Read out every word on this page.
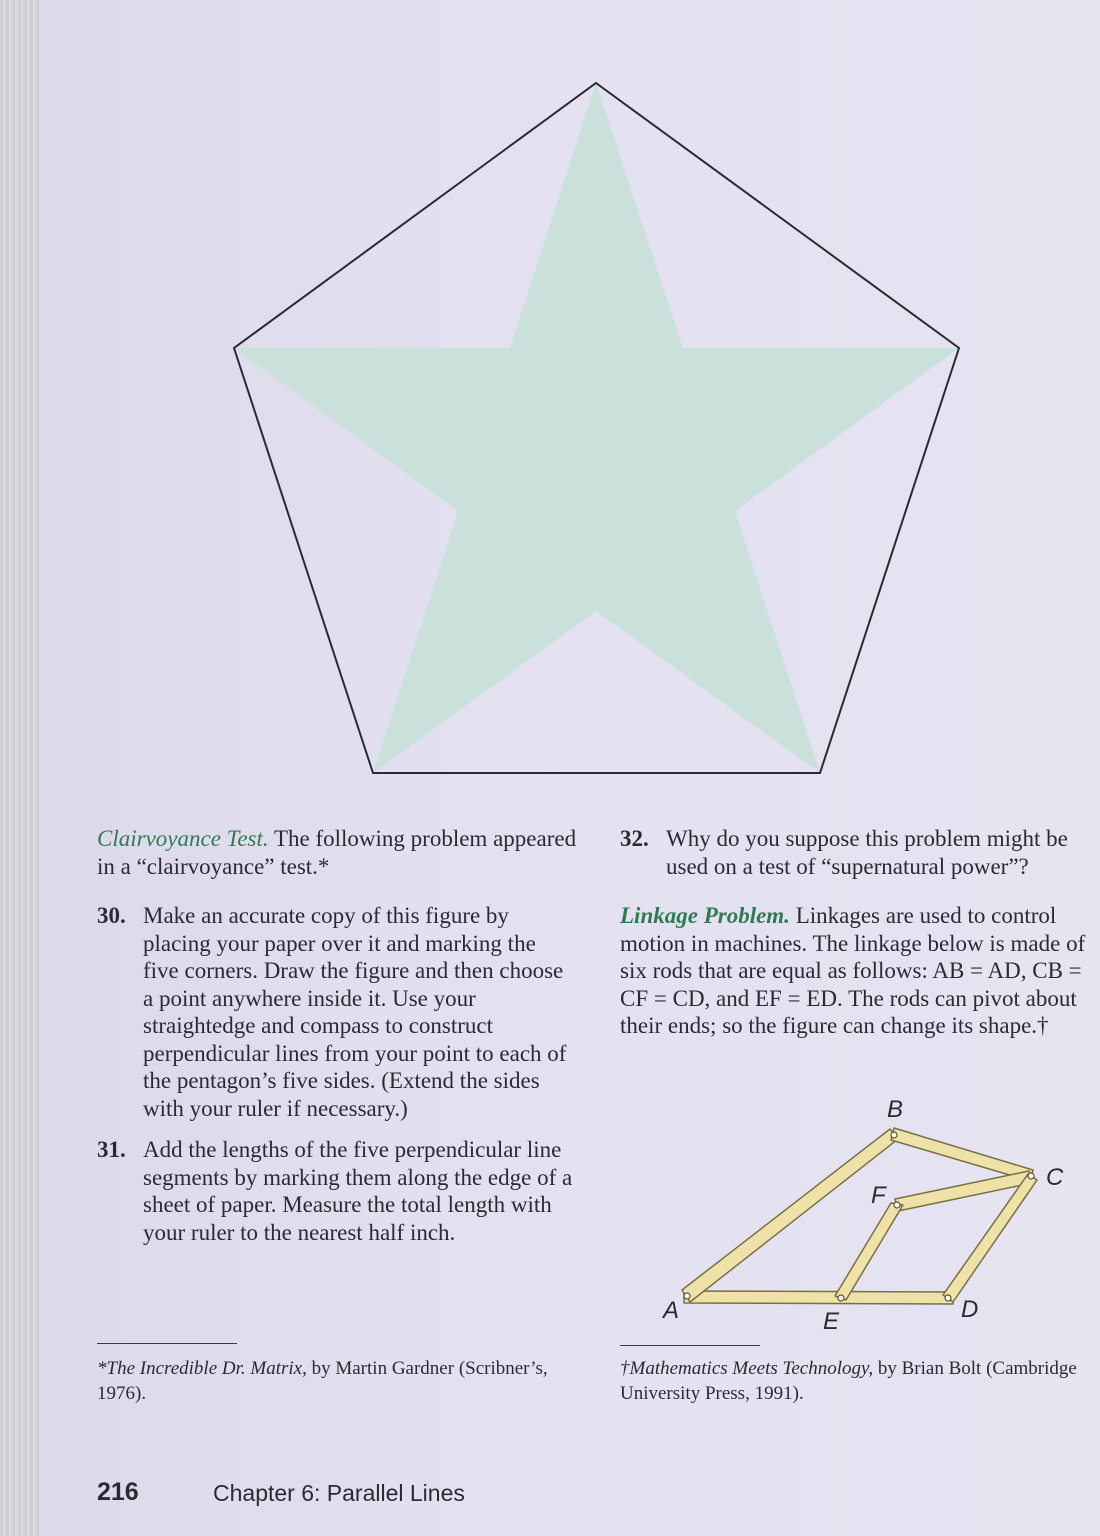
Clairvoyance Test. The following problem appeared in a “clairvoyance” test.*

30. Make an accurate copy of this figure by placing your paper over it and marking the five corners. Draw the figure and then choose a point anywhere inside it. Use your straightedge and compass to construct perpendicular lines from your point to each of the pentagon’s five sides. (Extend the sides with your ruler if necessary.)
31. Add the lengths of the five perpendicular line segments by marking them along the edge of a sheet of paper. Measure the total length with your ruler to the nearest half inch.
32. Why do you suppose this problem might be used on a test of “supernatural power”?

Linkage Problem. Linkages are used to control motion in machines. The linkage below is made of six rods that are equal as follows: AB = AD, CB = CF = CD, and EF = ED. The rods can pivot about their ends; so the figure can change its shape.†

A
B
C
D
E
F
*The Incredible Dr. Matrix, by Martin Gardner (Scribner’s, 1976).
†Mathematics Meets Technology, by Brian Bolt (Cambridge University Press, 1991).
216	Chapter 6: Parallel Lines
